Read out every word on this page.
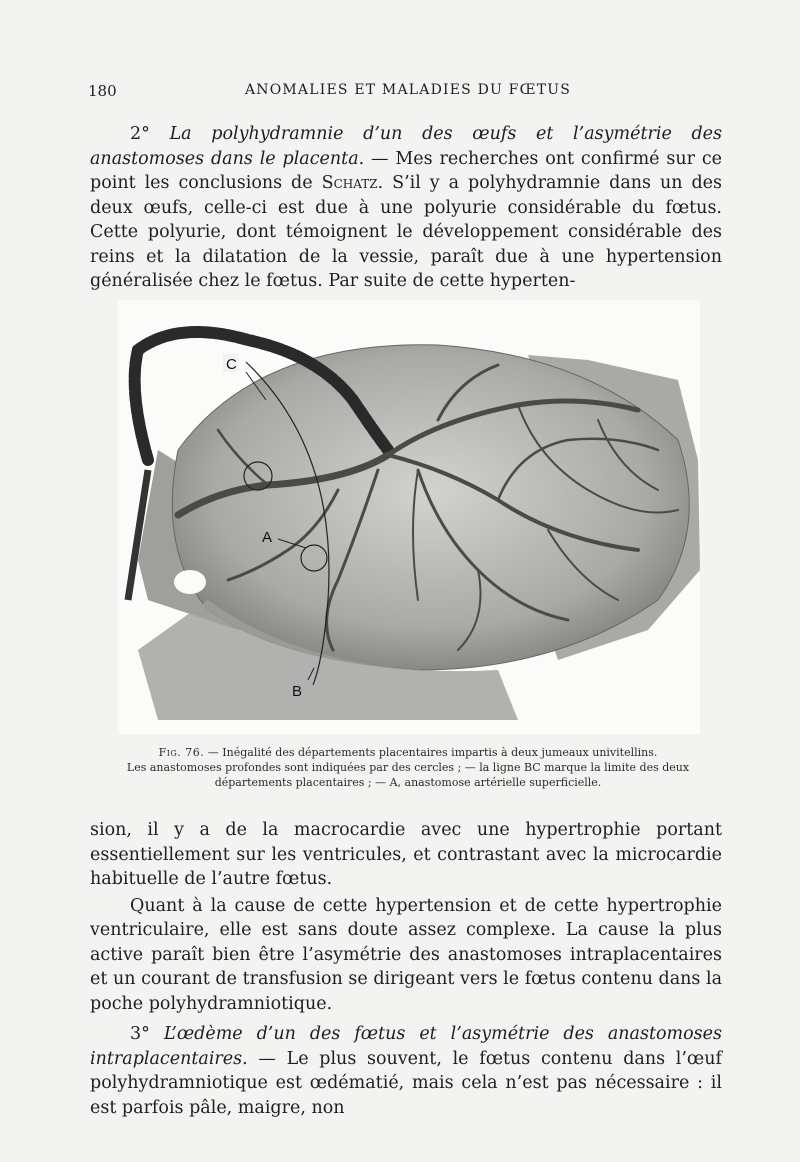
180	ANOMALIES ET MALADIES DU FŒTUS

2° La polyhydramnie d’un des œufs et l’asymétrie des anastomoses dans le placenta. — Mes recherches ont confirmé sur ce point les conclusions de Schatz. S’il y a polyhydramnie dans un des deux œufs, celle-ci est due à une polyurie considérable du fœtus. Cette polyurie, dont témoignent le développement considérable des reins et la dilatation de la vessie, paraît due à une hypertension généralisée chez le fœtus. Par suite de cette hyperten-

C
A
B
Fig. 76. — Inégalité des départements placentaires impartis à deux jumeaux univitellins.
Les anastomoses profondes sont indiquées par des cercles ; — la ligne BC marque la limite des deux
départements placentaires ; — A, anastomose artérielle superficielle.

sion, il y a de la macrocardie avec une hypertrophie portant essentiellement sur les ventricules, et contrastant avec la microcardie habituelle de l’autre fœtus.

Quant à la cause de cette hypertension et de cette hypertrophie ventriculaire, elle est sans doute assez complexe. La cause la plus active paraît bien être l’asymétrie des anastomoses intraplacentaires et un courant de transfusion se dirigeant vers le fœtus contenu dans la poche polyhydramniotique.

3° L’œdème d’un des fœtus et l’asymétrie des anastomoses intraplacentaires. — Le plus souvent, le fœtus contenu dans l’œuf polyhydramniotique est œdématié, mais cela n’est pas nécessaire : il est parfois pâle, maigre, non
